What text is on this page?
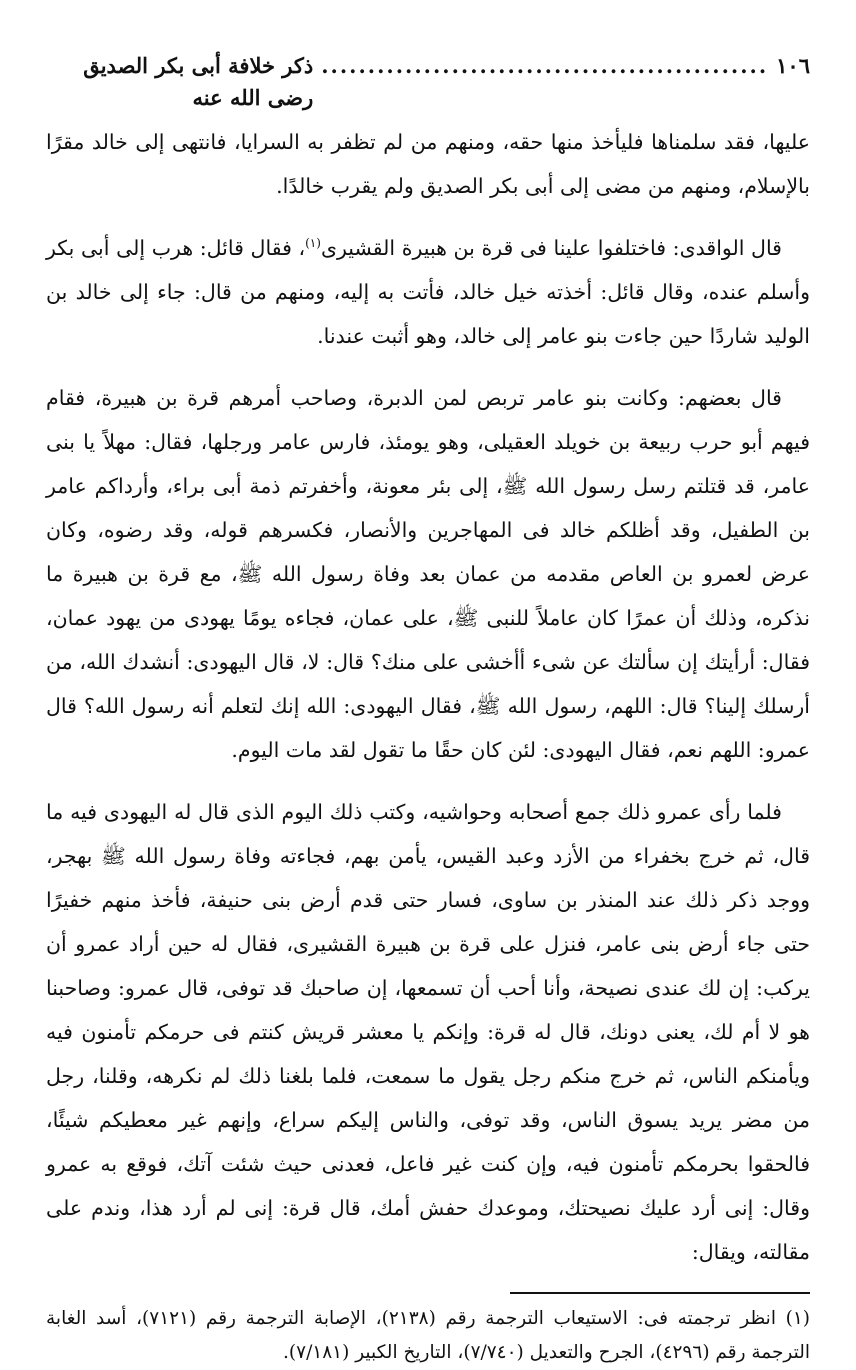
١٠٦
................................................
ذكر خلافة أبى بكر الصديق رضى الله عنه

عليها، فقد سلمناها فليأخذ منها حقه، ومنهم من لم تظفر به السرايا، فانتهى إلى خالد مقرًا بالإسلام، ومنهم من مضى إلى أبى بكر الصديق ولم يقرب خالدًا.

قال الواقدى: فاختلفوا علينا فى قرة بن هبيرة القشيرى$^{(١)}$، فقال قائل: هرب إلى أبى بكر وأسلم عنده، وقال قائل: أخذته خيل خالد، فأتت به إليه، ومنهم من قال: جاء إلى خالد بن الوليد شاردًا حين جاءت بنو عامر إلى خالد، وهو أثبت عندنا.

قال بعضهم: وكانت بنو عامر تربص لمن الدبرة، وصاحب أمرهم قرة بن هبيرة، فقام فيهم أبو حرب ربيعة بن خويلد العقيلى، وهو يومئذ، فارس عامر ورجلها، فقال: مهلاً يا بنى عامر، قد قتلتم رسل رسول الله ﷺ، إلى بئر معونة، وأخفرتم ذمة أبى براء، وأرداكم عامر بن الطفيل، وقد أظلكم خالد فى المهاجرين والأنصار، فكسرهم قوله، وقد رضوه، وكان عرض لعمرو بن العاص مقدمه من عمان بعد وفاة رسول الله ﷺ، مع قرة بن هبيرة ما نذكره، وذلك أن عمرًا كان عاملاً للنبى ﷺ، على عمان، فجاءه يومًا يهودى من يهود عمان، فقال: أرأيتك إن سألتك عن شىء أأخشى على منك؟ قال: لا، قال اليهودى: أنشدك الله، من أرسلك إلينا؟ قال: اللهم، رسول الله ﷺ، فقال اليهودى: الله إنك لتعلم أنه رسول الله؟ قال عمرو: اللهم نعم، فقال اليهودى: لئن كان حقًا ما تقول لقد مات اليوم.

فلما رأى عمرو ذلك جمع أصحابه وحواشيه، وكتب ذلك اليوم الذى قال له اليهودى فيه ما قال، ثم خرج بخفراء من الأزد وعبد القيس، يأمن بهم، فجاءته وفاة رسول الله ﷺ بهجر، ووجد ذكر ذلك عند المنذر بن ساوى، فسار حتى قدم أرض بنى حنيفة، فأخذ منهم خفيرًا حتى جاء أرض بنى عامر، فنزل على قرة بن هبيرة القشيرى، فقال له حين أراد عمرو أن يركب: إن لك عندى نصيحة، وأنا أحب أن تسمعها، إن صاحبك قد توفى، قال عمرو: وصاحبنا هو لا أم لك، يعنى دونك، قال له قرة: وإنكم يا معشر قريش كنتم فى حرمكم تأمنون فيه ويأمنكم الناس، ثم خرج منكم رجل يقول ما سمعت، فلما بلغنا ذلك لم نكرهه، وقلنا، رجل من مضر يريد يسوق الناس، وقد توفى، والناس إليكم سراع، وإنهم غير معطيكم شيئًا، فالحقوا بحرمكم تأمنون فيه، وإن كنت غير فاعل، فعدنى حيث شئت آتك، فوقع به عمرو وقال: إنى أرد عليك نصيحتك، وموعدك حفش أمك، قال قرة: إنى لم أرد هذا، وندم على مقالته، ويقال:

(١) انظر ترجمته فى: الاستيعاب الترجمة رقم (٢١٣٨)، الإصابة الترجمة رقم (٧١٢١)، أسد الغابة الترجمة رقم (٤٢٩٦)، الجرح والتعديل (٧/٧٤٠)، التاريخ الكبير (٧/١٨١).
